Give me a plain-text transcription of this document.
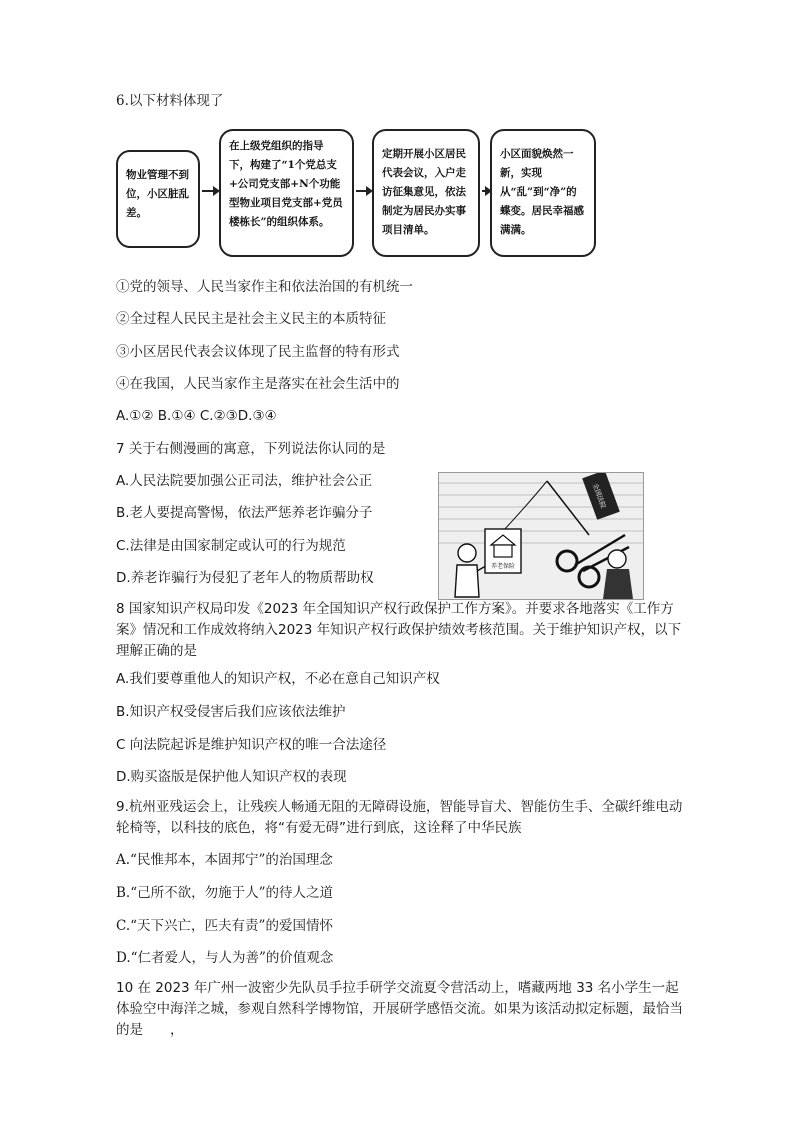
6.以下材料体现了
物业管理不到位，小区脏乱差。
在上级党组织的指导下，构建了“1个党总支+公司党支部+N个功能型物业项目党支部+党员楼栋长”的组织体系。
定期开展小区居民代表会议，入户走访征集意见，依法制定为居民办实事项目清单。
小区面貌焕然一新，实现从“乱”到“净”的蝶变。居民幸福感满满。
①党的领导、人民当家作主和依法治国的有机统一
②全过程人民民主是社会主义民主的本质特征
③小区居民代表会议体现了民主监督的特有形式
④在我国，人民当家作主是落实在社会生活中的
A.①② B.①④ C.②③D.③④
7 关于右侧漫画的寓意，下列说法你认同的是
A.人民法院要加强公正司法，维护社会公正
B.老人要提高警惕，依法严惩养老诈骗分子
C.法律是由国家制定或认可的行为规范
D.养老诈骗行为侵犯了老年人的物质帮助权
养老保险
全国法院
8 国家知识产权局印发《2023 年全国知识产权行政保护工作方案》。并要求各地落实《工作方案》情况和工作成效将纳入2023 年知识产权行政保护绩效考核范围。关于维护知识产权，以下理解正确的是
A.我们要尊重他人的知识产权，不必在意自己知识产权
B.知识产权受侵害后我们应该依法维护
C 向法院起诉是维护知识产权的唯一合法途径
D.购买盗版是保护他人知识产权的表现
9.杭州亚残运会上，让残疾人畅通无阻的无障碍设施，智能导盲犬、智能仿生手、全碳纤维电动轮椅等，以科技的底色，将“有爱无碍”进行到底，这诠释了中华民族
A.“民惟邦本，本固邦宁”的治国理念
B.“己所不欲，勿施于人”的待人之道
C.“天下兴亡，匹夫有责”的爱国情怀
D.“仁者爱人，与人为善”的价值观念
10 在 2023 年广州一波密少先队员手拉手研学交流夏令营活动上，嗜藏两地 33 名小学生一起体验空中海洋之城，参观自然科学博物馆，开展研学感悟交流。如果为该活动拟定标题，最恰当的是　　，
